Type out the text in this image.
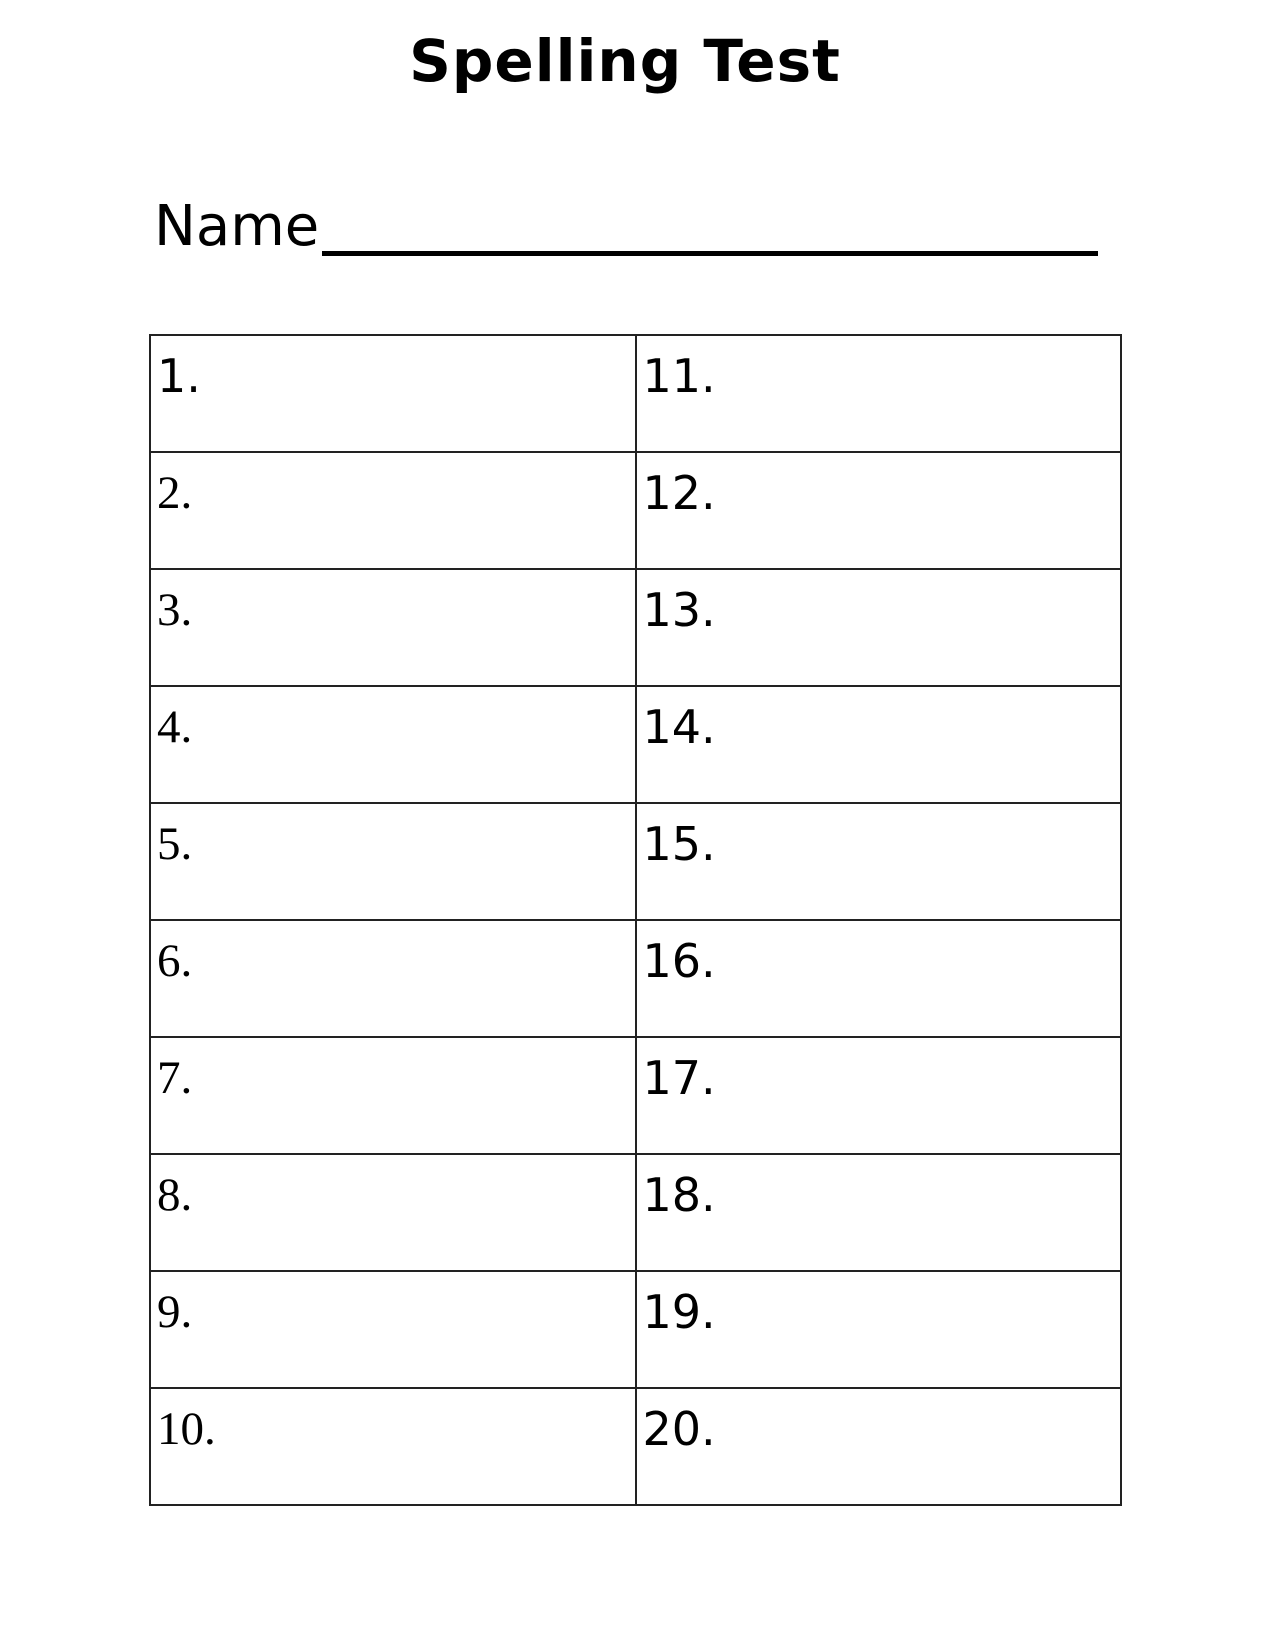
Spelling Test
Name
1.	11.

2.	12.

3.	13.

4.	14.

5.	15.

6.	16.

7.	17.

8.	18.

9.	19.

10.	20.
